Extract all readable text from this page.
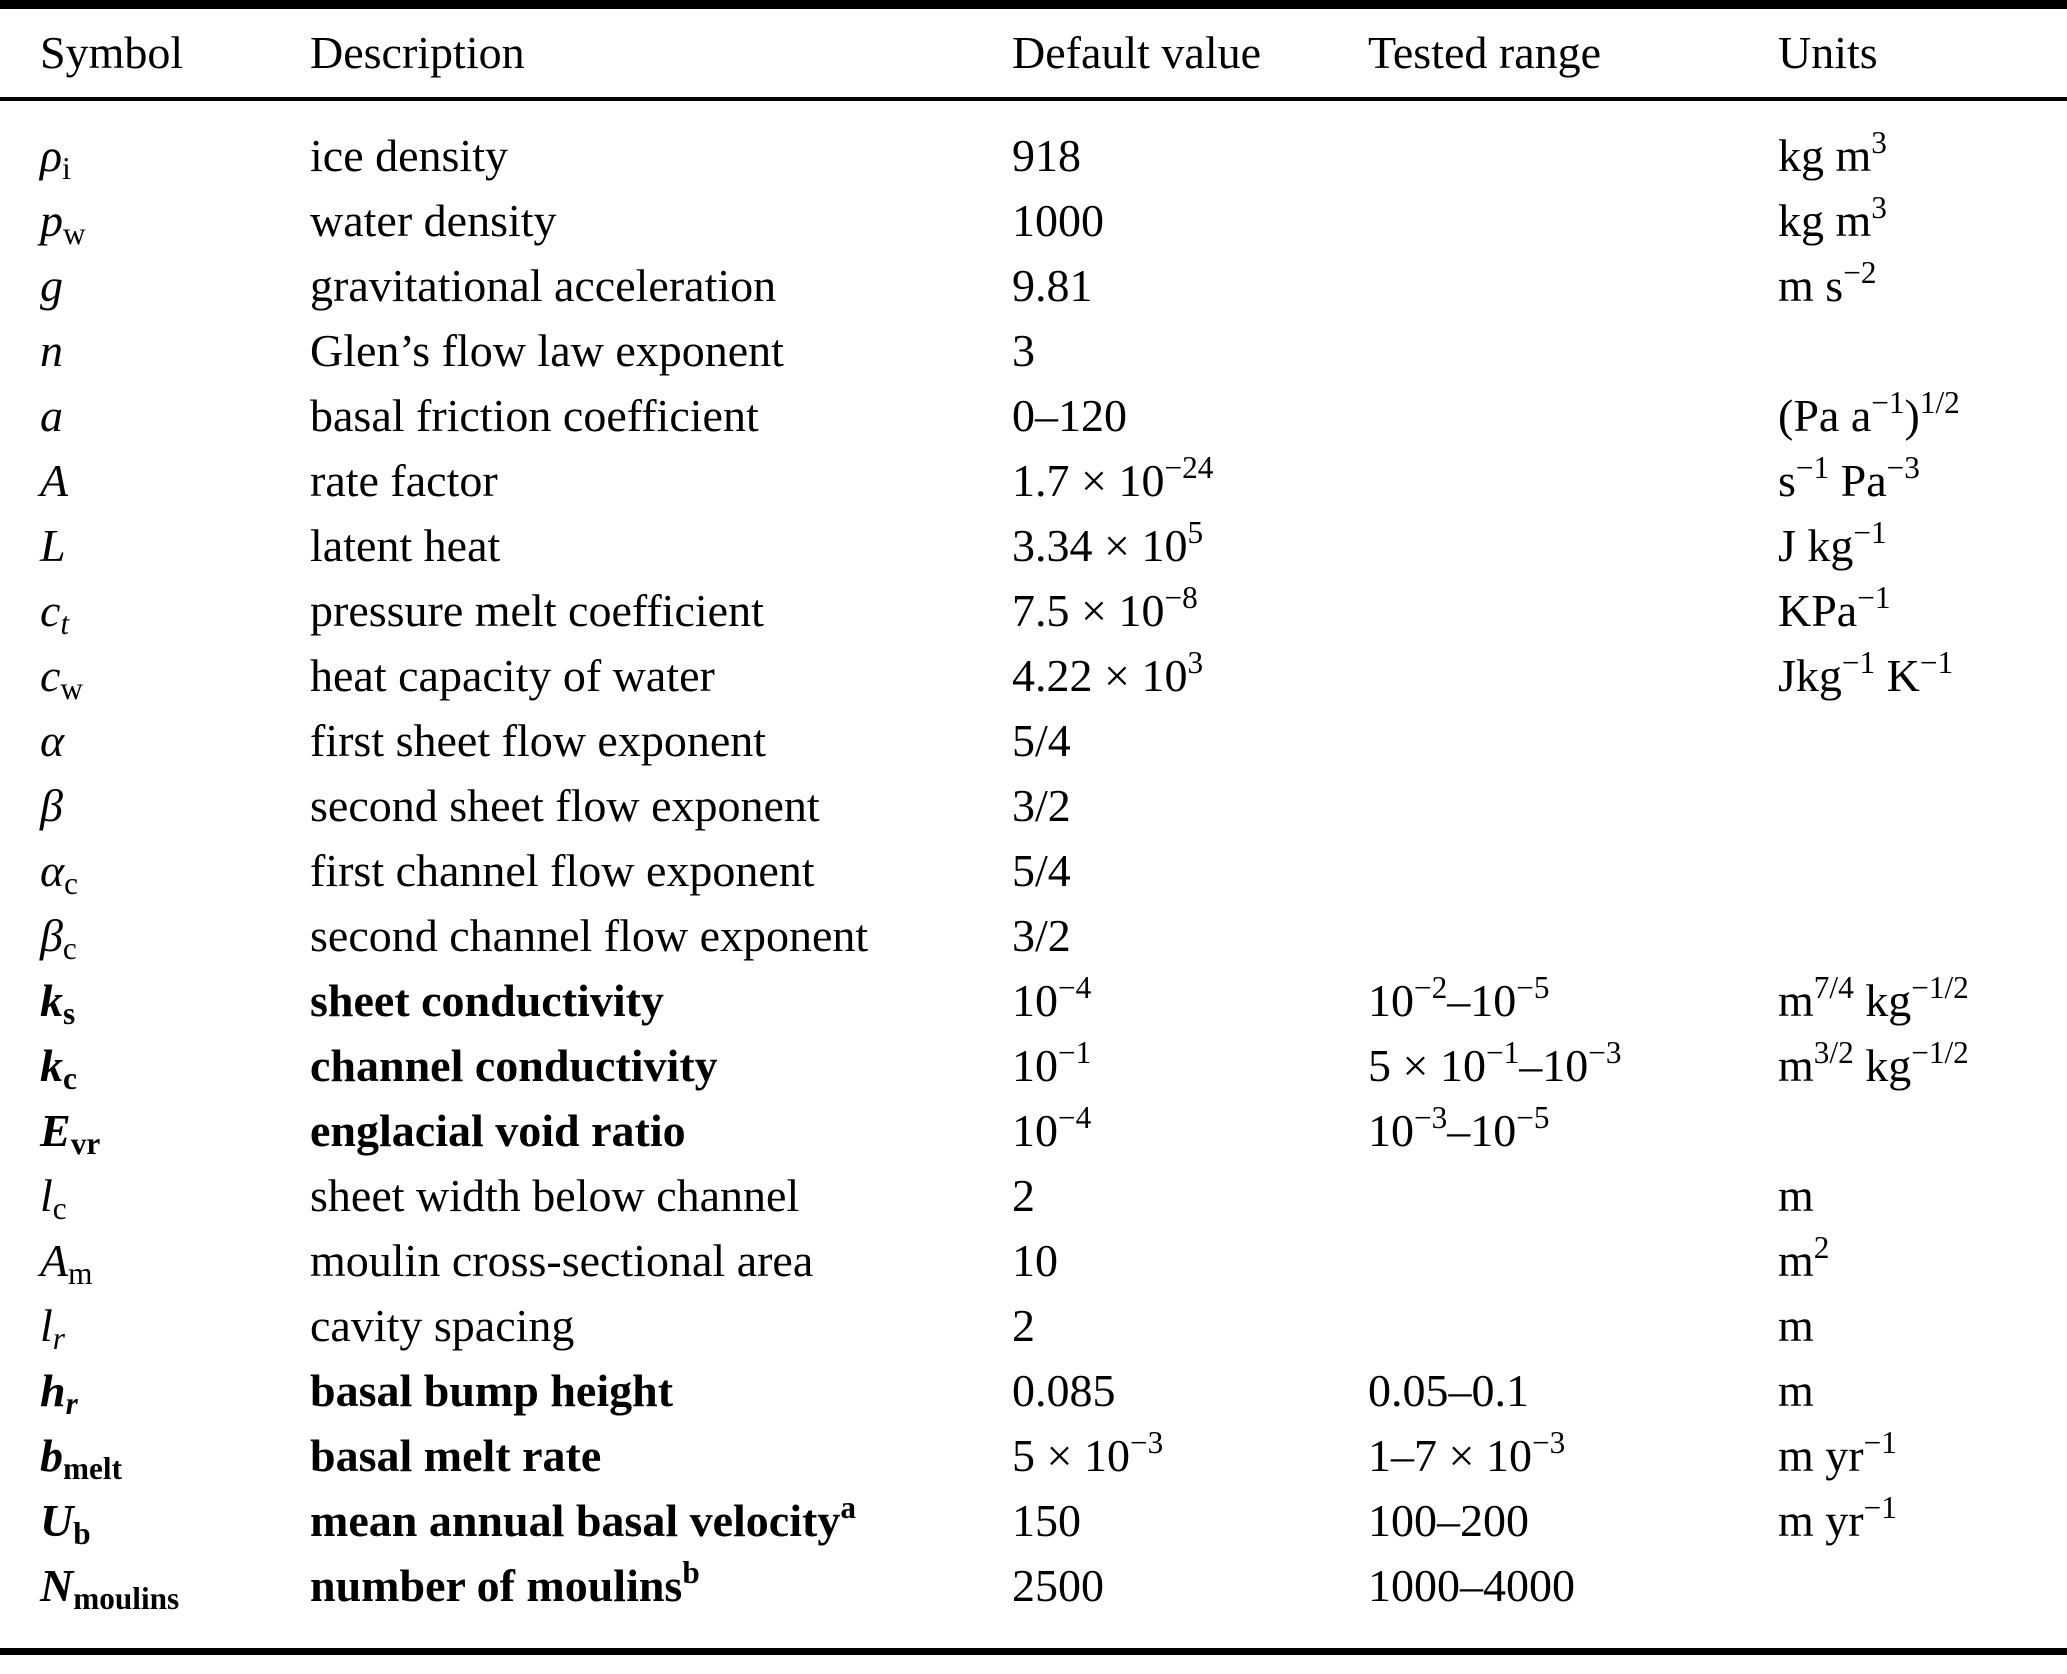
Symbol	Description	Default value	Tested range	Units
$\rho_i$	ice density	918		kg $m^3$
$p_w$	water density	1000		kg $m^3$
g	gravitational acceleration	9.81		m $s^{-2}$
n	Glen’s flow law exponent	3		
a	basal friction coefficient	0–120		(Pa $a^{-1})^{1/2}$
A	rate factor	$1.7 \times 10^{-24}$		$s^{-1}$ $Pa^{-3}$
L	latent heat	$3.34 \times 10^5$		J $kg^{-1}$
$c_t$	pressure melt coefficient	$7.5 \times 10^{-8}$		KPa$^{-1}$
$c_w$	heat capacity of water	$4.22 \times 10^3$		Jkg$^{-1}$ $K^{-1}$
α	first sheet flow exponent	5/4		
β	second sheet flow exponent	3/2		
$\alpha_c$	first channel flow exponent	5/4		
$\beta_c$	second channel flow exponent	3/2		
$k_s$	sheet conductivity	$10^{-4}$	$10^{-2}-10^{-5}$	$m^{7/4}$ $kg^{-1/2}$
$k_c$	channel conductivity	$10^{-1}$	$5 \times 10^{-1}-10^{-3}$	$m^{3/2}$ $kg^{-1/2}$
$E_{vr}$	englacial void ratio	$10^{-4}$	$10^{-3}-10^{-5}$	
$l_c$	sheet width below channel	2		m
$A_m$	moulin cross-sectional area	10		$m^2$
$l_r$	cavity spacing	2		m
$h_r$	basal bump height	0.085	0.05–0.1	m
$b_{melt}$	basal melt rate	$5 \times 10^{-3}$	$1-7 \times 10^{-3}$	m $yr^{-1}$
$U_b$	mean annual basal velocity$^a$	150	100–200	m $yr^{-1}$
$N_{moulins}$	number of moulins$^b$	2500	1000–4000	
